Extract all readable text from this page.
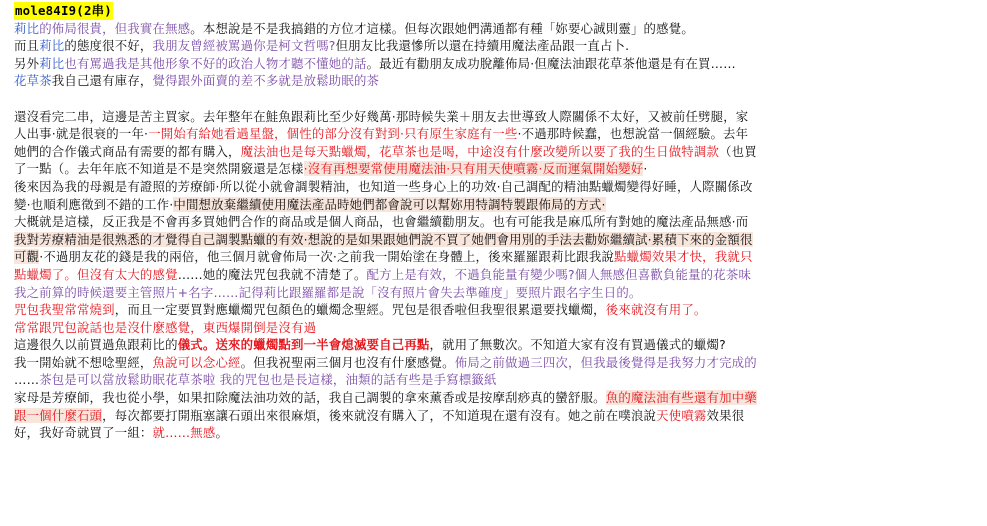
mole84I9(2串)
莉比的佈局很貴，但我實在無感。本想說是不是我搞錯的方位才這樣。但每次跟她們溝通都有種「妳要心誠則靈」的感覺。
而且莉比的態度很不好，我朋友曾經被罵過你是柯文哲嗎?但朋友比我還慘所以還在持續用魔法產品跟一直占卜.
另外莉比也有罵過我是其他形象不好的政治人物才聽不懂她的話。最近有勸朋友成功脫離佈局·但魔法油跟花草茶他還是有在買……
花草茶我自己還有庫存，覺得跟外面賣的差不多就是放鬆助眠的茶
還沒看完二串，這邊是苦主買家。去年整年在鮭魚跟莉比至少好幾萬·那時候失業＋朋友去世導致人際關係不太好，又被前任劈腿，家
人出事·就是很衰的一年·一開始有給她看過星盤，個性的部分沒有對到·只有原生家庭有一些·不過那時候蠢，也想說當一個經驗。去年
她們的合作儀式商品有需要的都有購入，魔法油也是每天點蠟燭，花草茶也是喝，中途沒有什麼改變所以要了我的生日做特調款（也買
了一點（。去年年底不知道是不是突然開竅還是怎樣·沒有再想要常使用魔法油·只有用天使噴霧·反而運氣開始變好·
後來因為我的母親是有證照的芳療師·所以從小就會調製精油，也知道一些身心上的功效·自己調配的精油點蠟燭變得好睡，人際關係改
變·也順利應徵到不錯的工作·中間想放棄繼續使用魔法產品時她們都會說可以幫妳用特調特製跟佈局的方式·
大概就是這樣，反正我是不會再多買她們合作的商品或是個人商品，也會繼續勸朋友。也有可能我是麻瓜所有對她的魔法產品無感·而
我對芳療精油是很熟悉的才覺得自己調製點蠟的有效·想說的是如果跟她們說不買了她們會用別的手法去勸妳繼續試·累積下來的金額很
可觀·不過朋友花的錢是我的兩倍，他三個月就會佈局一次·之前我一開始塗在身體上，後來羅羅跟莉比跟我說點蠟燭效果才快，我就只
點蠟燭了。但沒有太大的感覺……她的魔法咒包我就不清楚了。配方上是有效，不過負能量有變少嗎?個人無感但喜歡負能量的花茶味
我之前算的時候還要主管照片+名字……記得莉比跟羅羅都是說「沒有照片會失去準確度」要照片跟名字生日的。
咒包我聖常常燒到，而且一定要買對應蠟燭咒包顏色的蠟燭念聖經。咒包是很香啦但我聖很累還要找蠟燭，後來就沒有用了。
常常跟咒包說話也是沒什麼感覺，東西爆開倒是沒有過
這邊很久以前買過魚跟莉比的儀式。送來的蠟燭點到一半會熄滅要自己再點，就用了無數次。不知道大家有沒有買過儀式的蠟燭?
我一開始就不想唸聖經，魚說可以念心經。但我祝聖兩三個月也沒有什麼感覺。佈局之前做過三四次，但我最後覺得是我努力才完成的
……茶包是可以當放鬆助眠花草茶啦 我的咒包也是長這樣，油類的話有些是手寫標籤紙
家母是芳療師，我也從小學，如果扣除魔法油功效的話，我自己調製的拿來薰香或是按摩刮痧真的蠻舒服。魚的魔法油有些還有加中藥
跟一個什麼石頭，每次都要打開瓶塞讓石頭出來很麻煩，後來就沒有購入了，不知道現在還有沒有。她之前在噗浪說天使噴霧效果很
好，我好奇就買了一組：就……無感。
